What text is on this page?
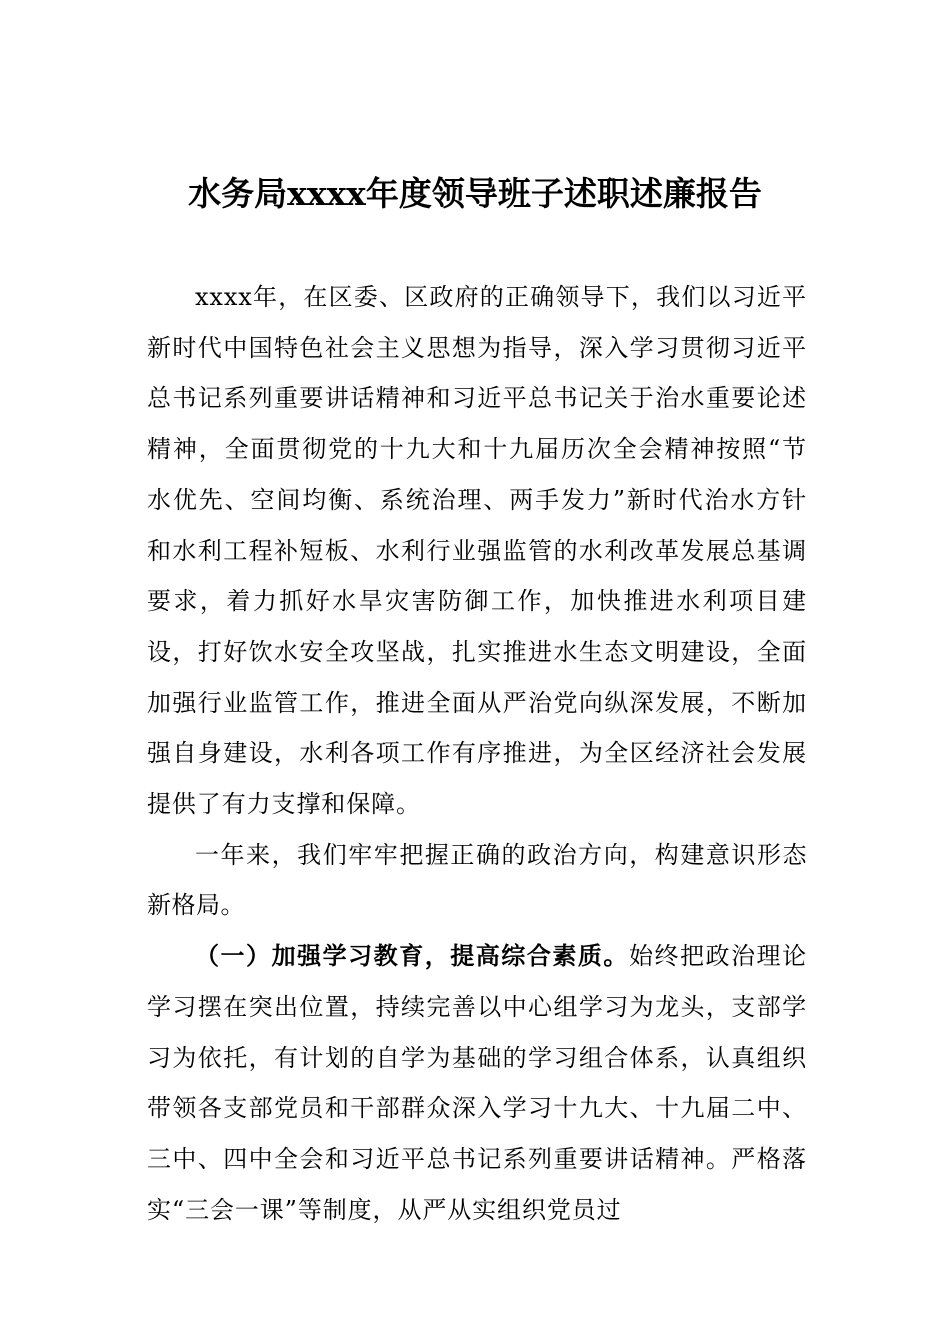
水务局xxxx年度领导班子述职述廉报告

xxxx年，在区委、区政府的正确领导下，我们以习近平新时代中国特色社会主义思想为指导，深入学习贯彻习近平总书记系列重要讲话精神和习近平总书记关于治水重要论述精神，全面贯彻党的十九大和十九届历次全会精神按照“节水优先、空间均衡、系统治理、两手发力”新时代治水方针和水利工程补短板、水利行业强监管的水利改革发展总基调要求，着力抓好水旱灾害防御工作，加快推进水利项目建设，打好饮水安全攻坚战，扎实推进水生态文明建设，全面加强行业监管工作，推进全面从严治党向纵深发展，不断加强自身建设，水利各项工作有序推进，为全区经济社会发展提供了有力支撑和保障。

一年来，我们牢牢把握正确的政治方向，构建意识形态新格局。

（一）加强学习教育，提高综合素质。始终把政治理论学习摆在突出位置，持续完善以中心组学习为龙头，支部学习为依托，有计划的自学为基础的学习组合体系，认真组织带领各支部党员和干部群众深入学习十九大、十九届二中、三中、四中全会和习近平总书记系列重要讲话精神。严格落实“三会一课”等制度，从严从实组织党员过
